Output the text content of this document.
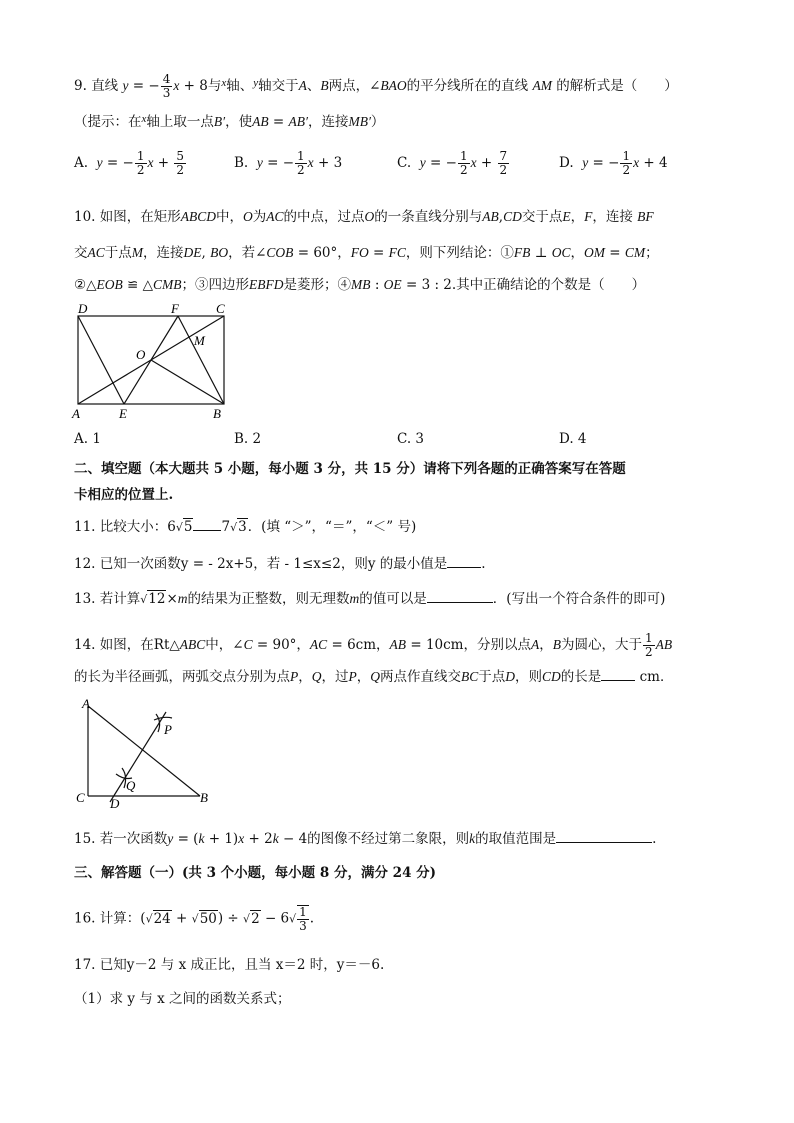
9. 直线 y = − $\frac{4}{3}$ x + 8与$^x$轴、$^y$轴交于A、B两点，∠BAO的平分线所在的直线 AM 的解析式是（　　）
（提示：在$^x$轴上取一点B′，使AB = AB′，连接MB′）
A. y = − $\frac{1}{2}$ $x + \frac{5}{2}$	B. y = − $\frac{1}{2}$ x + 3	C. y = − $\frac{1}{2}$ $x + \frac{7}{2}$	D. y = − $\frac{1}{2}$ x + 4
10. 如图，在矩形ABCD中，O为AC的中点，过点O的一条直线分别与AB,CD交于点E，F，连接 BF
交AC于点M，连接DE, BO，若∠COB = 60°，FO = FC，则下列结论：①FB ⊥ OC，OM = CM；
②△EOB ≌ △CMB；③四边形EBFD是菱形；④MB : OE = 3 : 2.其中正确结论的个数是（　　）
D	F	C
O
M
A	E	B
A. 1	B. 2	C. 3	D. 4
二、填空题（本大题共 5 小题，每小题 3 分，共 15 分）请将下列各题的正确答案写在答题
卡相应的位置上.
11. 比较大小：6√5 7√3．(填 “＞”，“＝”，“＜” 号)
12. 已知一次函数y = - 2x+5，若 - 1≤x≤2，则y 的最小值是	.
13. 若计算√12×m的结果为正整数，则无理数m的值可以是	．(写出一个符合条件的即可)
14. 如图，在Rt△ABC中，∠C = 90°，AC = 6cm，AB = 10cm，分别以点A，B为圆心，大于 $\frac{1}{2}$ AB
的长为半径画弧，两弧交点分别为点P，Q，过P，Q两点作直线交BC于点D，则CD的长是	cm．
A
P
Q
C D	B
15. 若一次函数y = (k + 1)x + 2k − 4的图像不经过第二象限，则k的取值范围是	.
三、解答题（一）(共 3 个小题，每小题 8 分，满分 24 分)
16. 计算：$(√24 + √50) \div √2 - 6√ \frac{1}{3}$ .
17. 已知y－2 与 x 成正比，且当 x＝2 时，y＝－6.
（1）求 y 与 x 之间的函数关系式；
